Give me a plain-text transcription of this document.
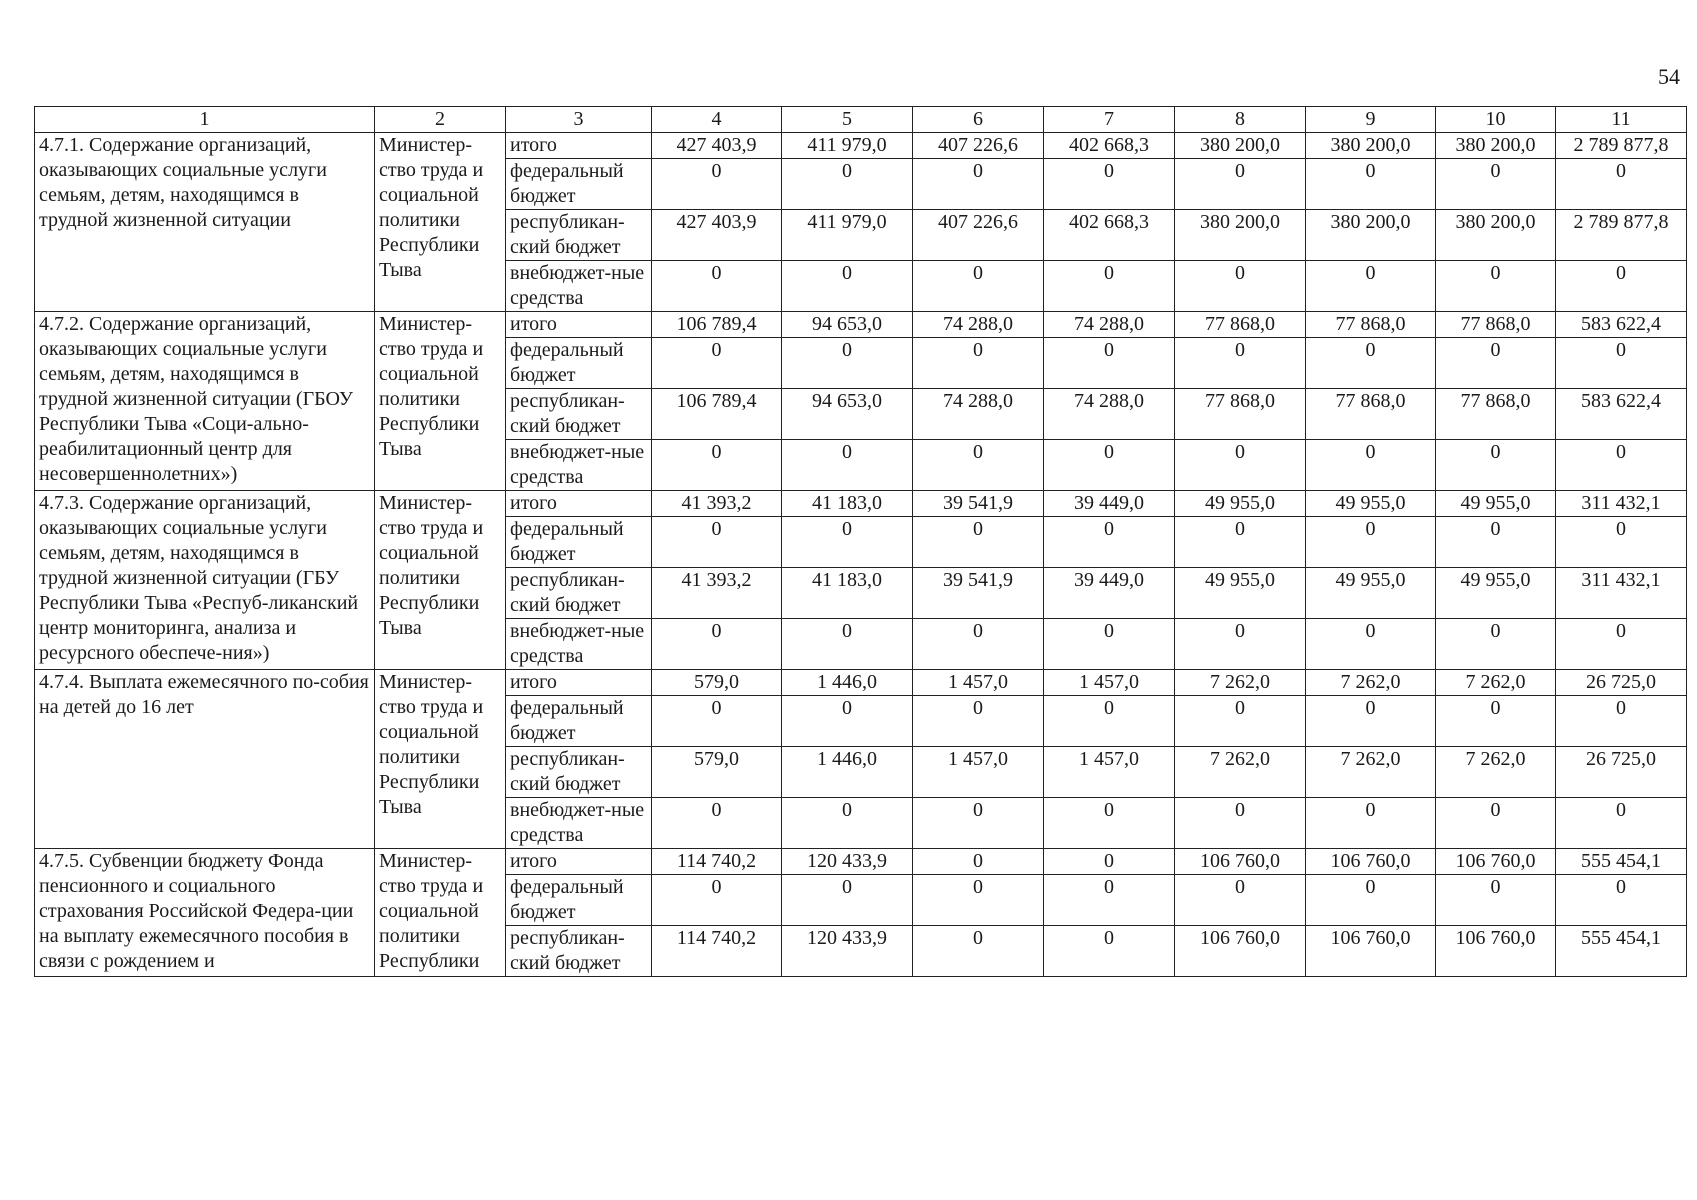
54
1	2	3	4	5	6	7	8	9	10	11
4.7.1. Содержание организаций, оказывающих социальные услуги семьям, детям, находящимся в трудной жизненной ситуации	Министер-ство труда и социальной политики Республики Тыва	итого	427 403,9	411 979,0	407 226,6	402 668,3	380 200,0	380 200,0	380 200,0	2 789 877,8
		федеральный бюджет	0	0	0	0	0	0	0	0
		республикан-ский бюджет	427 403,9	411 979,0	407 226,6	402 668,3	380 200,0	380 200,0	380 200,0	2 789 877,8
		внебюджет-ные средства	0	0	0	0	0	0	0	0
4.7.2. Содержание организаций, оказывающих социальные услуги семьям, детям, находящимся в трудной жизненной ситуации (ГБОУ Республики Тыва «Соци-ально-реабилитационный центр для несовершеннолетних»)	Министер-ство труда и социальной политики Республики Тыва	итого	106 789,4	94 653,0	74 288,0	74 288,0	77 868,0	77 868,0	77 868,0	583 622,4
		федеральный бюджет	0	0	0	0	0	0	0	0
		республикан-ский бюджет	106 789,4	94 653,0	74 288,0	74 288,0	77 868,0	77 868,0	77 868,0	583 622,4
		внебюджет-ные средства	0	0	0	0	0	0	0	0
4.7.3. Содержание организаций, оказывающих социальные услуги семьям, детям, находящимся в трудной жизненной ситуации (ГБУ Республики Тыва «Респуб-ликанский центр мониторинга, анализа и ресурсного обеспече-ния»)	Министер-ство труда и социальной политики Республики Тыва	итого	41 393,2	41 183,0	39 541,9	39 449,0	49 955,0	49 955,0	49 955,0	311 432,1
		федеральный бюджет	0	0	0	0	0	0	0	0
		республикан-ский бюджет	41 393,2	41 183,0	39 541,9	39 449,0	49 955,0	49 955,0	49 955,0	311 432,1
		внебюджет-ные средства	0	0	0	0	0	0	0	0
4.7.4. Выплата ежемесячного по-собия на детей до 16 лет	Министер-ство труда и социальной политики Республики Тыва	итого	579,0	1 446,0	1 457,0	1 457,0	7 262,0	7 262,0	7 262,0	26 725,0
		федеральный бюджет	0	0	0	0	0	0	0	0
		республикан-ский бюджет	579,0	1 446,0	1 457,0	1 457,0	7 262,0	7 262,0	7 262,0	26 725,0
		внебюджет-ные средства	0	0	0	0	0	0	0	0
4.7.5. Субвенции бюджету Фонда пенсионного и социального страхования Российской Федера-ции на выплату ежемесячного пособия в связи с рождением и	Министер-ство труда и социальной политики Республики	итого	114 740,2	120 433,9	0	0	106 760,0	106 760,0	106 760,0	555 454,1
		федеральный бюджет	0	0	0	0	0	0	0	0
		республикан-ский бюджет	114 740,2	120 433,9	0	0	106 760,0	106 760,0	106 760,0	555 454,1
